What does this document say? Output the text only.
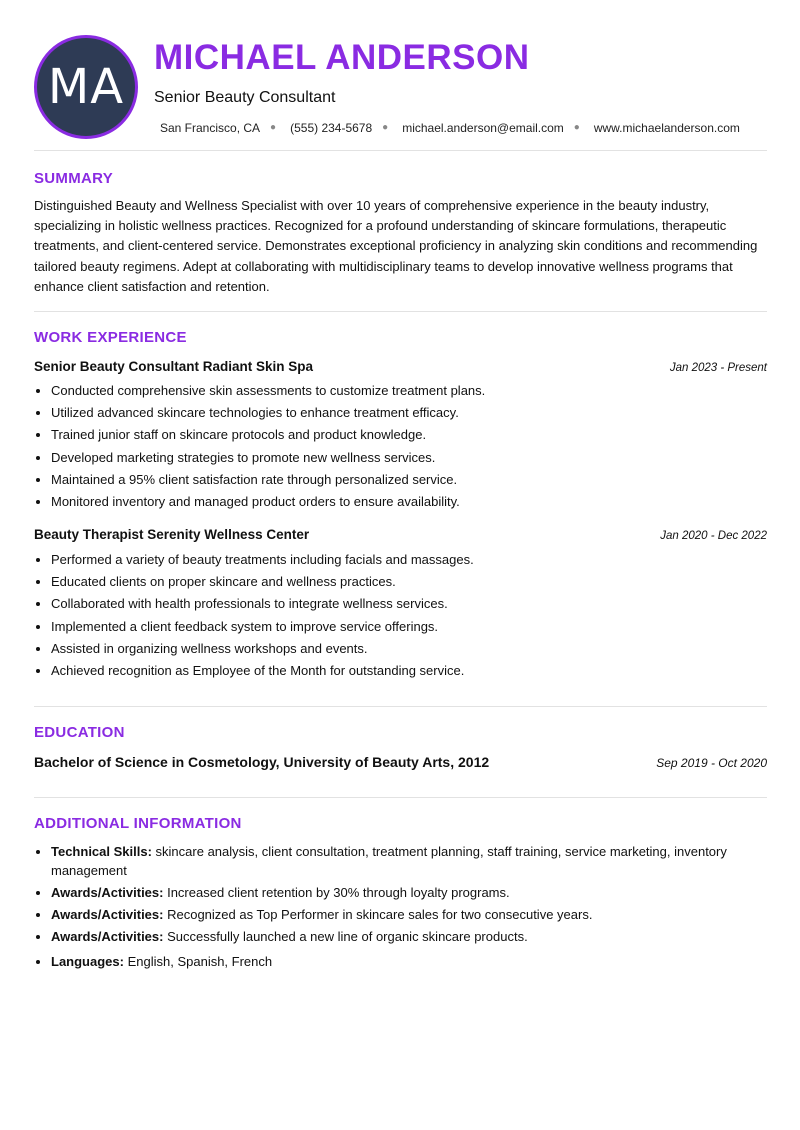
MA
MICHAEL ANDERSON
Senior Beauty Consultant
San Francisco, CA ● (555) 234-5678 ● michael.anderson@email.com ● www.michaelanderson.com
SUMMARY
Distinguished Beauty and Wellness Specialist with over 10 years of comprehensive experience in the beauty industry, specializing in holistic wellness practices. Recognized for a profound understanding of skincare formulations, therapeutic treatments, and client-centered service. Demonstrates exceptional proficiency in analyzing skin conditions and recommending tailored beauty regimens. Adept at collaborating with multidisciplinary teams to develop innovative wellness programs that enhance client satisfaction and retention.
WORK EXPERIENCE
Senior Beauty Consultant Radiant Skin Spa	Jan 2023 - Present
• Conducted comprehensive skin assessments to customize treatment plans.
• Utilized advanced skincare technologies to enhance treatment efficacy.
• Trained junior staff on skincare protocols and product knowledge.
• Developed marketing strategies to promote new wellness services.
• Maintained a 95% client satisfaction rate through personalized service.
• Monitored inventory and managed product orders to ensure availability.
Beauty Therapist Serenity Wellness Center	Jan 2020 - Dec 2022
• Performed a variety of beauty treatments including facials and massages.
• Educated clients on proper skincare and wellness practices.
• Collaborated with health professionals to integrate wellness services.
• Implemented a client feedback system to improve service offerings.
• Assisted in organizing wellness workshops and events.
• Achieved recognition as Employee of the Month for outstanding service.
EDUCATION
Bachelor of Science in Cosmetology, University of Beauty Arts, 2012	Sep 2019 - Oct 2020
ADDITIONAL INFORMATION
• Technical Skills: skincare analysis, client consultation, treatment planning, staff training, service marketing, inventory management
• Awards/Activities: Increased client retention by 30% through loyalty programs.
• Awards/Activities: Recognized as Top Performer in skincare sales for two consecutive years.
• Awards/Activities: Successfully launched a new line of organic skincare products.
• Languages: English, Spanish, French
